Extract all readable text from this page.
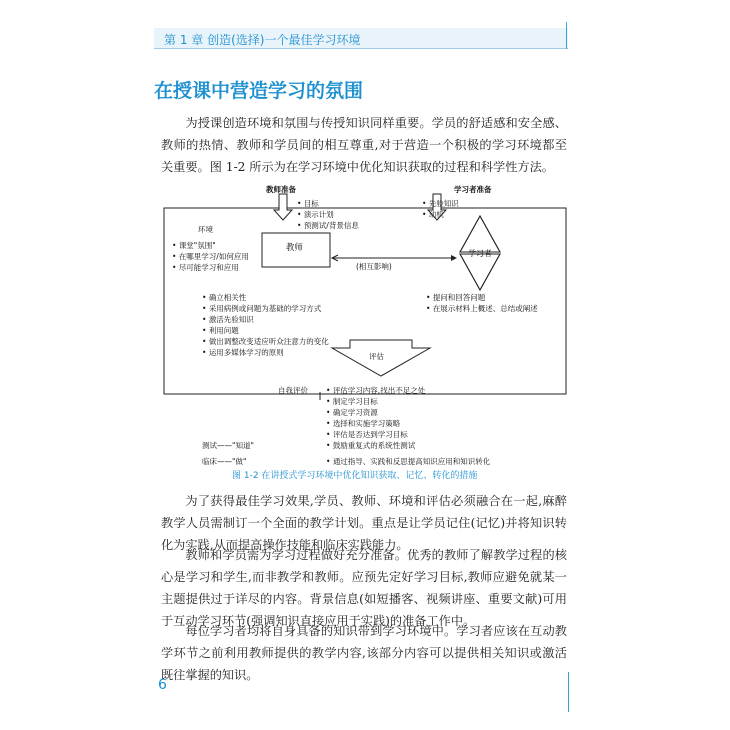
第 1 章 创造(选择)一个最佳学习环境
在授课中营造学习的氛围

为授课创造环境和氛围与传授知识同样重要。学员的舒适感和安全感、教师的热情、教师和学员间的相互尊重,对于营造一个积极的学习环境都至关重要。图 1-2 所示为在学习环境中优化知识获取的过程和科学性方法。

教师准备
• 目标
• 演示计划
• 预测试/背景信息
学习者准备
• 先验知识
• 动机
教师
学习者
(相互影响)
环境
• 课堂"氛围"
• 在哪里学习/如何应用
• 尽可能学习和应用
• 确立相关性
• 采用病例或问题为基础的学习方式
• 激活先验知识
• 利用问题
• 做出调整改变适应听众注意力的变化
• 运用多媒体学习的原则
• 提问和回答问题
• 在展示材料上概述、总结或阐述
评估
自我评价	• 评估学习内容,找出不足之处
• 制定学习目标
• 确定学习资源
• 选择和实施学习策略
• 评估是否达到学习目标
测试——"知道"	• 鼓励重复式的系统性测试
临床——"做"	• 通过指导、实践和反思提高知识应用和知识转化
图 1-2 在讲授式学习环境中优化知识获取、记忆、转化的措施

为了获得最佳学习效果,学员、教师、环境和评估必须融合在一起,麻醉教学人员需制订一个全面的教学计划。重点是让学员记住(记忆)并将知识转化为实践,从而提高操作技能和临床实践能力。

教师和学员需为学习过程做好充分准备。优秀的教师了解教学过程的核心是学习和学生,而非教学和教师。应预先定好学习目标,教师应避免就某一主题提供过于详尽的内容。背景信息(如短播客、视频讲座、重要文献)可用于互动学习环节(强调知识直接应用于实践)的准备工作中。

每位学习者均将自身具备的知识带到学习环境中。学习者应该在互动教学环节之前利用教师提供的教学内容,该部分内容可以提供相关知识或激活既往掌握的知识。

6
